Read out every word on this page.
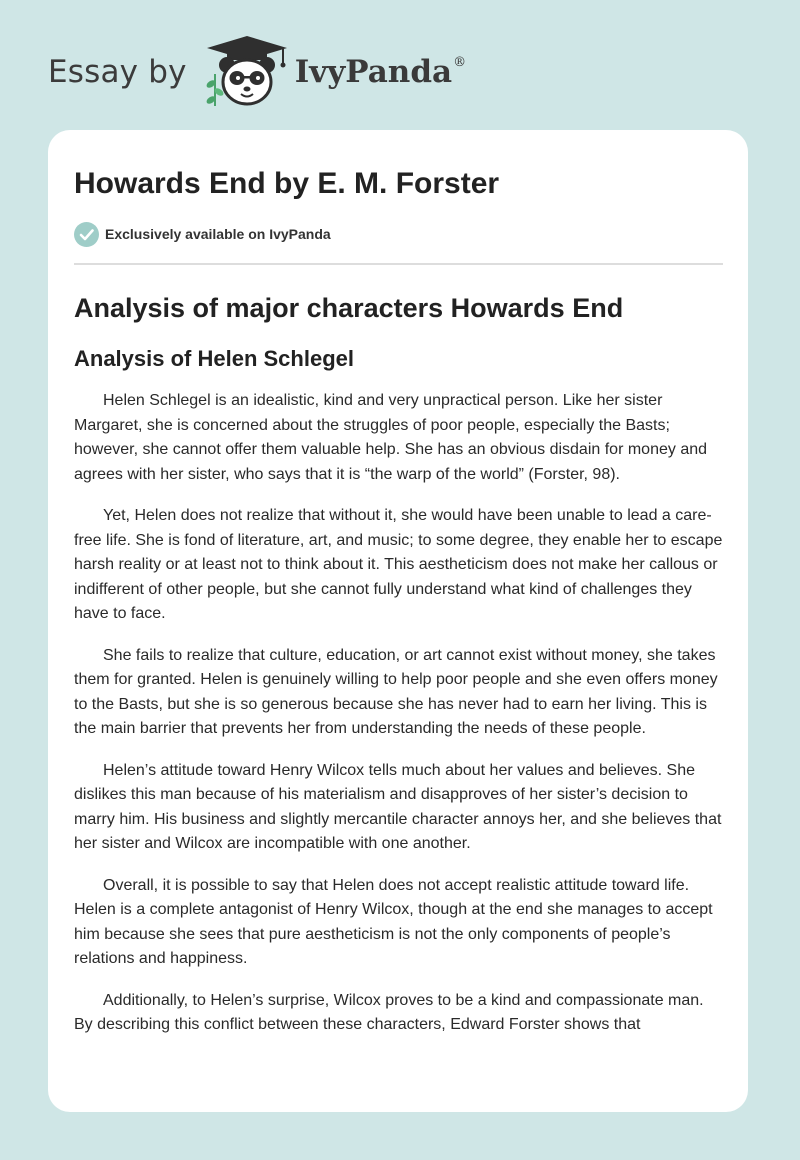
Essay by	IvyPanda®
Howards End by E. M. Forster
Exclusively available on IvyPanda
Analysis of major characters Howards End
Analysis of Helen Schlegel

Helen Schlegel is an idealistic, kind and very unpractical person. Like her sister Margaret, she is concerned about the struggles of poor people, especially the Basts; however, she cannot offer them valuable help. She has an obvious disdain for money and agrees with her sister, who says that it is “the warp of the world” (Forster, 98).

Yet, Helen does not realize that without it, she would have been unable to lead a care-free life. She is fond of literature, art, and music; to some degree, they enable her to escape harsh reality or at least not to think about it. This aestheticism does not make her callous or indifferent of other people, but she cannot fully understand what kind of challenges they have to face.

She fails to realize that culture, education, or art cannot exist without money, she takes them for granted. Helen is genuinely willing to help poor people and she even offers money to the Basts, but she is so generous because she has never had to earn her living. This is the main barrier that prevents her from understanding the needs of these people.

Helen’s attitude toward Henry Wilcox tells much about her values and believes. She dislikes this man because of his materialism and disapproves of her sister’s decision to marry him. His business and slightly mercantile character annoys her, and she believes that her sister and Wilcox are incompatible with one another.

Overall, it is possible to say that Helen does not accept realistic attitude toward life. Helen is a complete antagonist of Henry Wilcox, though at the end she manages to accept him because she sees that pure aestheticism is not the only components of people’s relations and happiness.

Additionally, to Helen’s surprise, Wilcox proves to be a kind and compassionate man. By describing this conflict between these characters, Edward Forster shows that
